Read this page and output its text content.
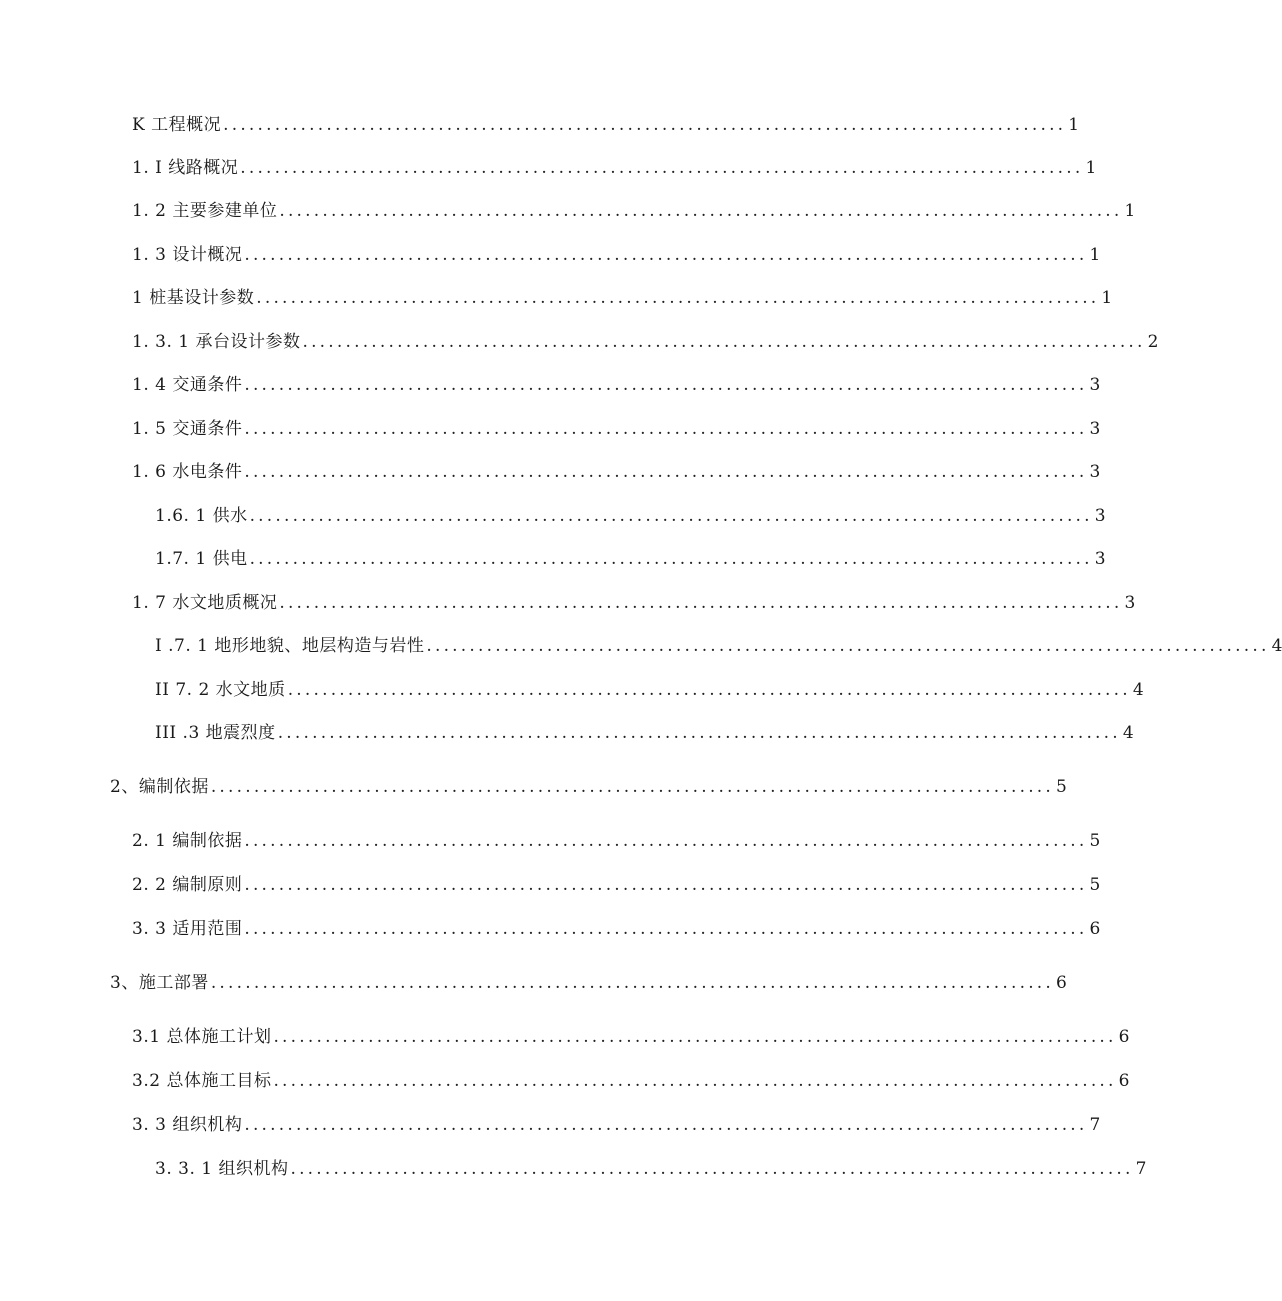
K 工程概况 .................................................................................................. 1
1. I 线路概况 .................................................................................................. 1
1. 2 主要参建单位 .................................................................................................. 1
1. 3 设计概况 .................................................................................................. 1
1 桩基设计参数 .................................................................................................. 1
1. 3. 1 承台设计参数 .................................................................................................. 2
1. 4 交通条件 .................................................................................................. 3
1. 5 交通条件 .................................................................................................. 3
1. 6 水电条件 .................................................................................................. 3
1.6. 1 供水 .................................................................................................. 3
1.7. 1 供电 .................................................................................................. 3
1. 7 水文地质概况 .................................................................................................. 3
I .7. 1 地形地貌、地层构造与岩性 .................................................................................................. 4
II 7. 2 水文地质 .................................................................................................. 4
III .3 地震烈度 .................................................................................................. 4
2、编制依据 .................................................................................................. 5
2. 1 编制依据 .................................................................................................. 5
2. 2 编制原则 .................................................................................................. 5
3. 3 适用范围 .................................................................................................. 6
3、施工部署 .................................................................................................. 6
3.1 总体施工计划 .................................................................................................. 6
3.2 总体施工目标 .................................................................................................. 6
3. 3 组织机构 .................................................................................................. 7
3. 3. 1 组织机构 .................................................................................................. 7
